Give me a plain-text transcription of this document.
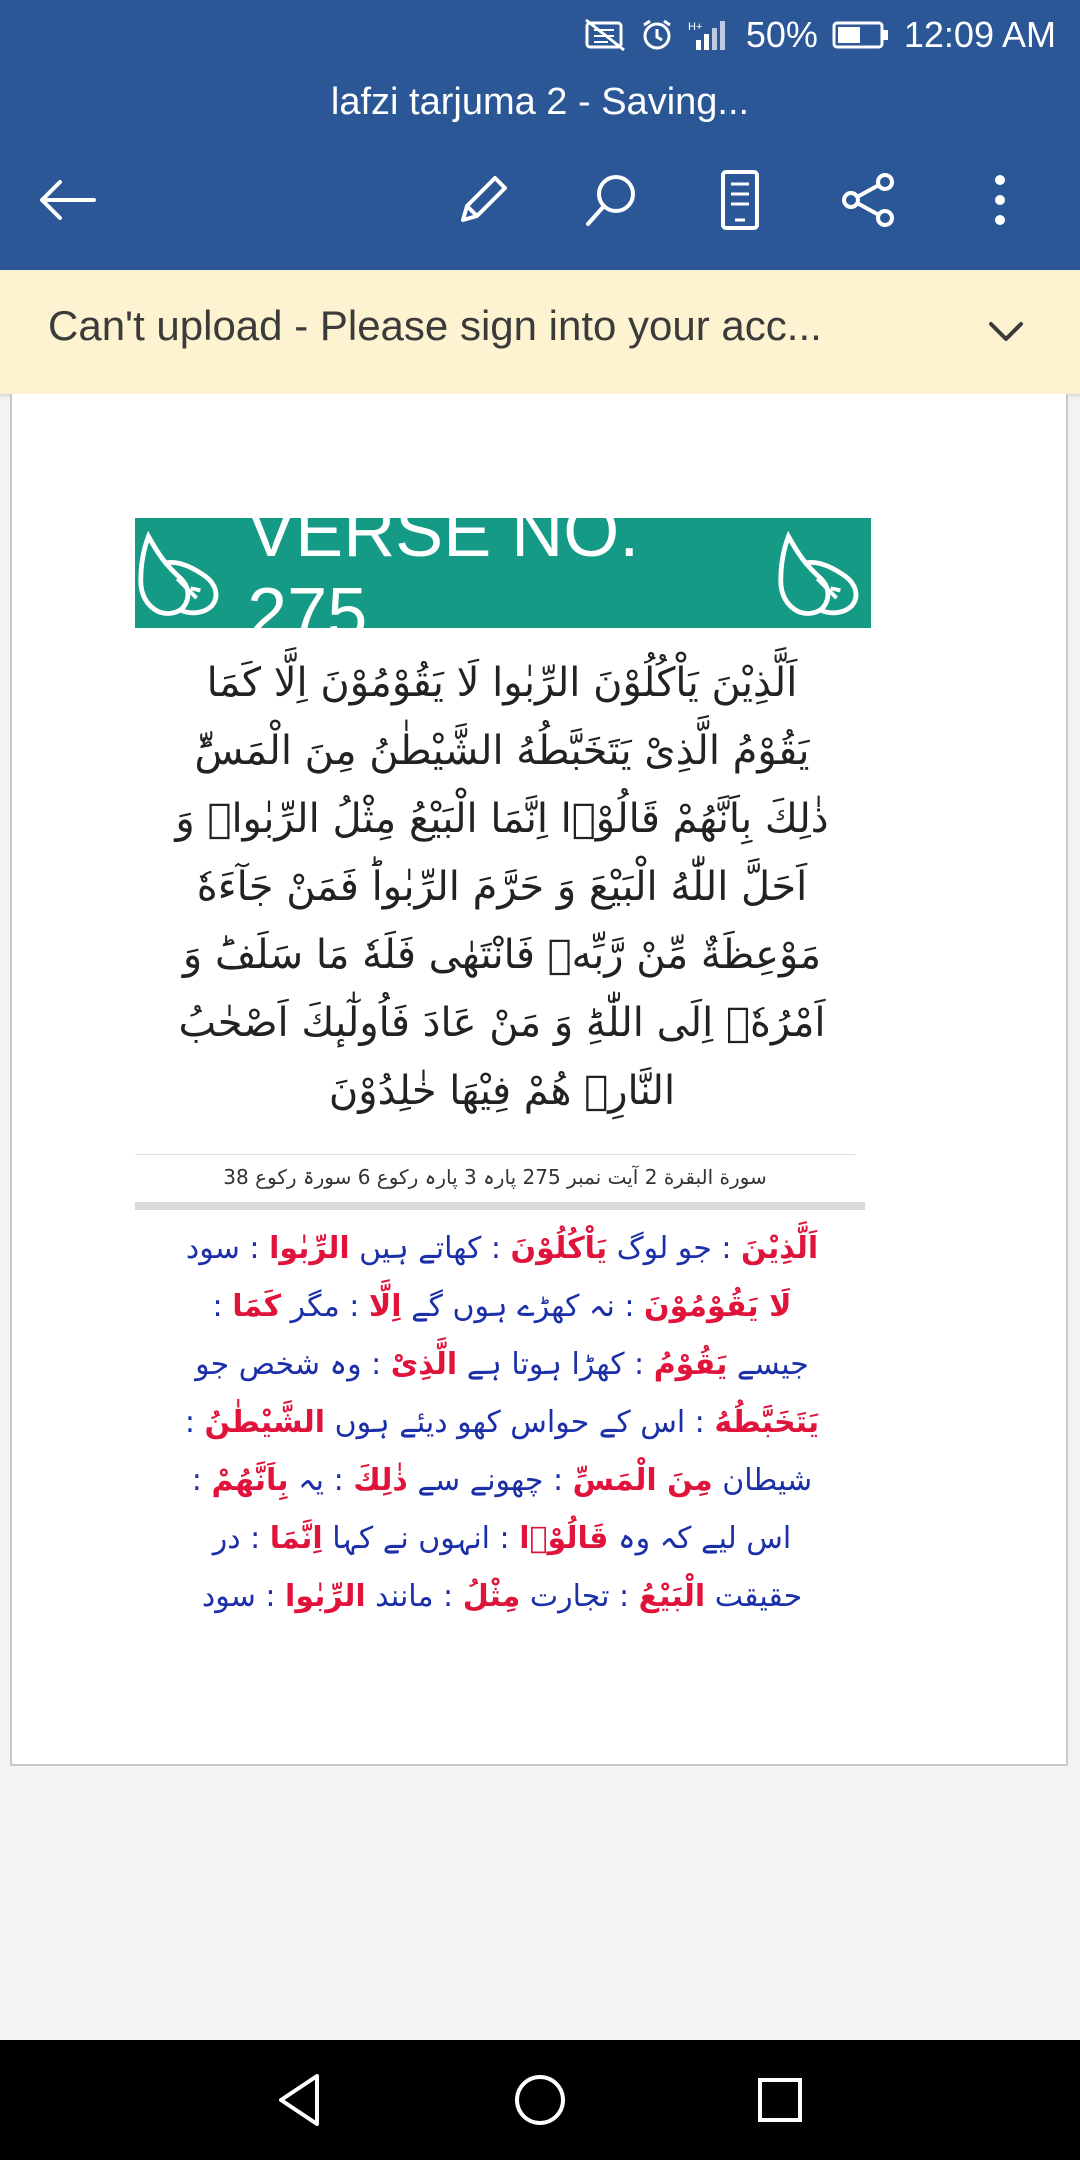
H+ 50% 12:09 AM
lafzi tarjuma 2 - Saving...
Can't upload - Please sign into your acc...
VERSE NO. 275
اَلَّذِیْنَ یَاْكُلُوْنَ الرِّبٰوا لَا یَقُوْمُوْنَ اِلَّا كَمَا
یَقُوْمُ الَّذِیْ یَتَخَبَّطُهُ الشَّیْطٰنُ مِنَ الْمَسِّؕ
ذٰلِكَ بِاَنَّهُمْ قَالُوْۤا اِنَّمَا الْبَیْعُ مِثْلُ الرِّبٰواۘ وَ
اَحَلَّ اللّٰهُ الْبَیْعَ وَ حَرَّمَ الرِّبٰواؕ فَمَنْ جَآءَهٗ
مَوْعِظَةٌ مِّنْ رَّبِّهٖ فَانْتَهٰى فَلَهٗ مَا سَلَفَؕ وَ
اَمْرُهٗۤ اِلَى اللّٰهِؕ وَ مَنْ عَادَ فَاُولٰٓىٕكَ اَصْحٰبُ
النَّارِۚ هُمْ فِیْهَا خٰلِدُوْنَ
سورة البقرة 2 آیت نمبر 275 پارہ 3 پارہ رکوع 6 سورۃ رکوع 38
اَلَّذِیْنَ : جو لوگ یَاْكُلُوْنَ : کھاتے ہیں الرِّبٰوا : سود
لَا یَقُوْمُوْنَ : نہ کھڑے ہوں گے اِلَّا : مگر كَمَا :
جیسے یَقُوْمُ : کھڑا ہوتا ہے الَّذِیْ : وہ شخص جو
یَتَخَبَّطُهُ : اس کے حواس کھو دیئے ہوں الشَّیْطٰنُ :
شیطان مِنَ الْمَسِّ : چھونے سے ذٰلِكَ : یہ بِاَنَّهُمْ :
اس لیے کہ وہ قَالُوْۤا : انہوں نے کہا اِنَّمَا : در
حقیقت الْبَیْعُ : تجارت مِثْلُ : مانند الرِّبٰوا : سود
